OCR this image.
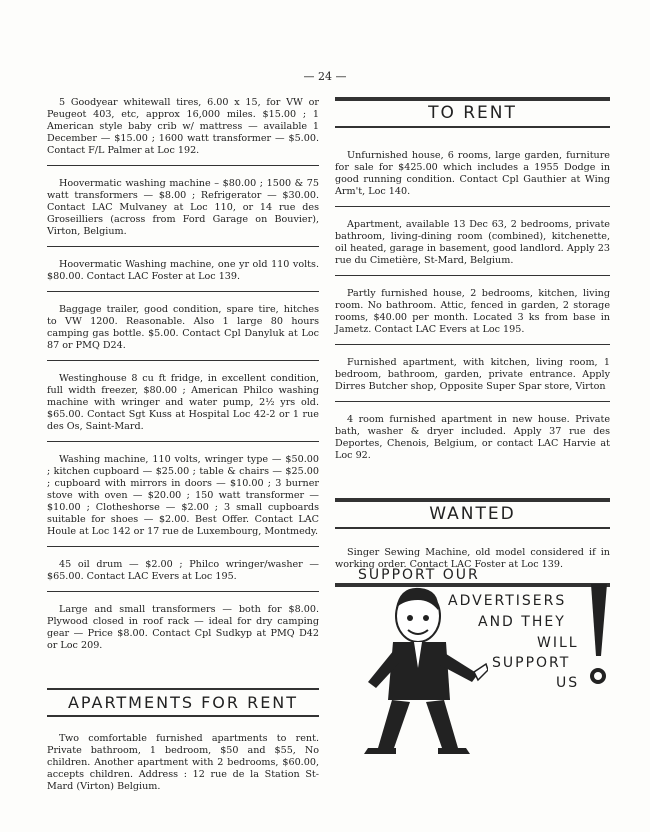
— 24 —

5 Goodyear whitewall tires, 6.00 x 15, for VW or Peugeot 403, etc, approx 16,000 miles. $15.00 ; 1 American style baby crib w/ mattress — available 1 December — $15.00 ; 1600 watt transformer — $5.00. Contact F/L Palmer at Loc 192.

Hoovermatic washing machine – $80.00 ; 1500 & 75 watt transformers — $8.00 ; Refrigerator — $30.00. Contact LAC Mulvaney at Loc 110, or 14 rue des Groseilliers (across from Ford Garage on Bouvier), Virton, Belgium.

Hoovermatic Washing machine, one yr old 110 volts. $80.00. Contact LAC Foster at Loc 139.

Baggage trailer, good condition, spare tire, hitches to VW 1200. Reasonable. Also 1 large 80 hours camping gas bottle. $5.00. Contact Cpl Danyluk at Loc 87 or PMQ D24.

Westinghouse 8 cu ft fridge, in excellent condition, full width freezer, $80.00 ; American Philco washing machine with wringer and water pump, 2½ yrs old. $65.00. Contact Sgt Kuss at Hospital Loc 42-2 or 1 rue des Os, Saint-Mard.

Washing machine, 110 volts, wringer type — $50.00 ; kitchen cupboard — $25.00 ; table & chairs — $25.00 ; cupboard with mirrors in doors — $10.00 ; 3 burner stove with oven — $20.00 ; 150 watt transformer — $10.00 ; Clotheshorse — $2.00 ; 3 small cupboards suitable for shoes — $2.00. Best Offer. Contact LAC Houle at Loc 142 or 17 rue de Luxembourg, Montmedy.

45 oil drum — $2.00 ; Philco wringer/washer — $65.00. Contact LAC Evers at Loc 195.

Large and small transformers — both for $8.00. Plywood closed in roof rack — ideal for dry camping gear — Price $8.00. Contact Cpl Sudkyp at PMQ D42 or Loc 209.

APARTMENTS FOR RENT

Two comfortable furnished apartments to rent. Private bathroom, 1 bedroom, $50 and $55, No children. Another apartment with 2 bedrooms, $60.00, accepts children. Address : 12 rue de la Station St-Mard (Virton) Belgium.

TO RENT

Unfurnished house, 6 rooms, large garden, furniture for sale for $425.00 which includes a 1955 Dodge in good running condition. Contact Cpl Gauthier at Wing Arm't, Loc 140.

Apartment, available 13 Dec 63, 2 bedrooms, private bathroom, living-dining room (combined), kitchenette, oil heated, garage in basement, good landlord. Apply 23 rue du Cimetière, St-Mard, Belgium.

Partly furnished house, 2 bedrooms, kitchen, living room. No bathroom. Attic, fenced in garden, 2 storage rooms, $40.00 per month. Located 3 ks from base in Jametz. Contact LAC Evers at Loc 195.

Furnished apartment, with kitchen, living room, 1 bedroom, bathroom, garden, private entrance. Apply Dirres Butcher shop, Opposite Super Spar store, Virton

4 room furnished apartment in new house. Private bath, washer & dryer included. Apply 37 rue des Deportes, Chenois, Belgium, or contact LAC Harvie at Loc 92.

WANTED

Singer Sewing Machine, old model considered if in working order. Contact LAC Foster at Loc 139.

SUPPORT OUR
ADVERTISERS
AND THEY
WILL
SUPPORT
US
